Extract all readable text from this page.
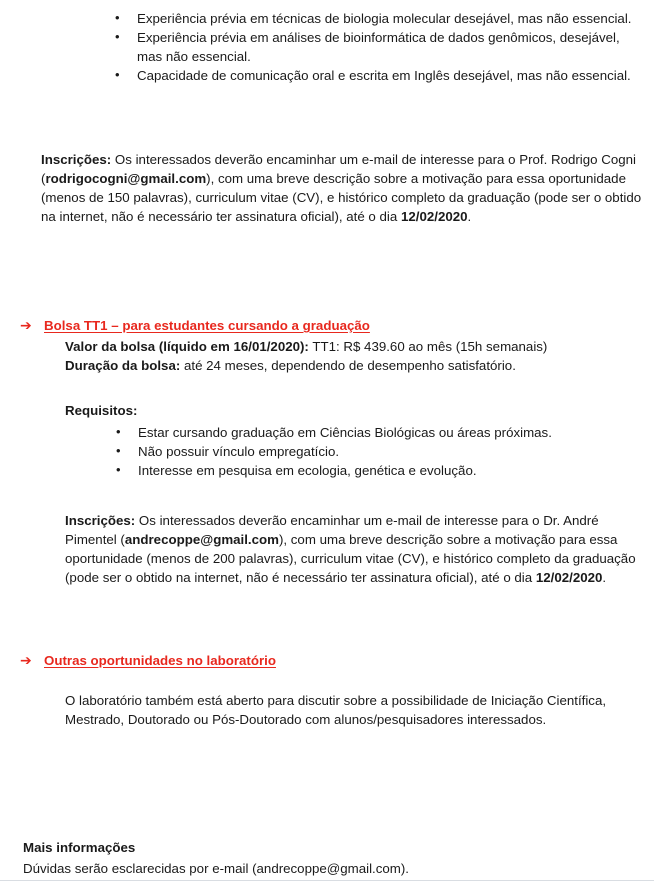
• Experiência prévia em técnicas de biologia molecular desejável, mas não essencial.
• Experiência prévia em análises de bioinformática de dados genômicos, desejável, mas não essencial.
• Capacidade de comunicação oral e escrita em Inglês desejável, mas não essencial.

Inscrições: Os interessados deverão encaminhar um e-mail de interesse para o Prof. Rodrigo Cogni (rodrigocogni@gmail.com), com uma breve descrição sobre a motivação para essa oportunidade (menos de 150 palavras), curriculum vitae (CV), e histórico completo da graduação (pode ser o obtido na internet, não é necessário ter assinatura oficial), até o dia 12/02/2020.

➔ Bolsa TT1 – para estudantes cursando a graduação

Valor da bolsa (líquido em 16/01/2020): TT1: R$ 439.60 ao mês (15h semanais)

Duração da bolsa: até 24 meses, dependendo de desempenho satisfatório.

Requisitos:
• Estar cursando graduação em Ciências Biológicas ou áreas próximas.
• Não possuir vínculo empregatício.
• Interesse em pesquisa em ecologia, genética e evolução.

Inscrições: Os interessados deverão encaminhar um e-mail de interesse para o Dr. André Pimentel (andrecoppe@gmail.com), com uma breve descrição sobre a motivação para essa oportunidade (menos de 200 palavras), curriculum vitae (CV), e histórico completo da graduação (pode ser o obtido na internet, não é necessário ter assinatura oficial), até o dia 12/02/2020.

➔ Outras oportunidades no laboratório

O laboratório também está aberto para discutir sobre a possibilidade de Iniciação Científica, Mestrado, Doutorado ou Pós-Doutorado com alunos/pesquisadores interessados.

Mais informações
Dúvidas serão esclarecidas por e-mail (andrecoppe@gmail.com).
